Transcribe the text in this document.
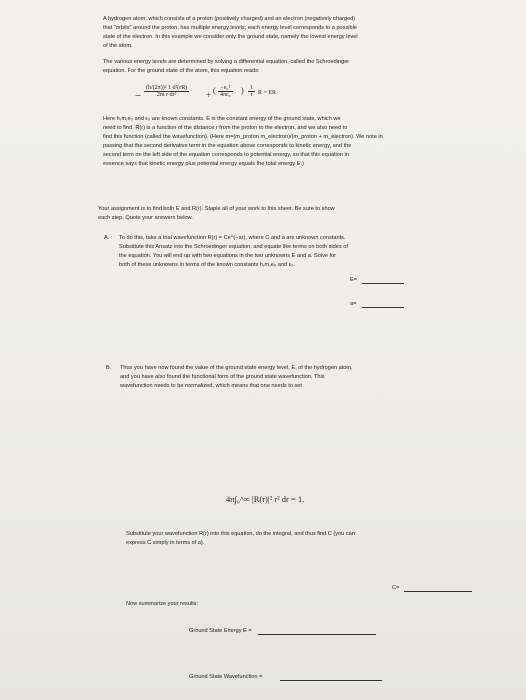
A hydrogen atom, which consists of a proton (positively charged) and an electron (negatively charged)
that "orbits" around the proton, has multiple energy levels; each energy level corresponds to a possible
state of the electron. In this example we consider only the ground state, namely the lowest energy level
of the atom.
The various energy levels are determined by solving a differential equation, called the Schroedinger
equation. For the ground state of the atom, this equation reads:
− $\frac{\text{(h/(2π))² 1 d²(rR)}}{\text{2m r dr²}}$ + ( $\frac{\text{−e₀²}}{\text{4πε₀}}$ ) $\frac{1}{r}$ R = ER
Here h,m,e₀ and ε₀ are known constants. E is the constant energy of the ground state, which we
need to find. R(r) is a function of the distance r from the proton to the electron, and we also need to
find this function (called the wavefunction). (Here m=(m_proton m_electron)/(m_proton + m_electron). We note in
passing that the second derivative term in the equation above corresponds to kinetic energy, and the
second term on the left side of the equation corresponds to potential energy, so that this equation in
essence says that kinetic energy plus potential energy equals the total energy E.)
Your assignment is to find both E and R(r). Staple all of your work to this sheet. Be sure to show
each step. Quote your answers below.
A. To do this, take a trial wavefunction R(r) = Ce^(−ar), where C and a are unknown constants.
Substitute this Ansatz into the Schroedinger equation, and equate like terms on both sides of
the equation. You will end up with two equations in the two unknowns E and a. Solve for
both of these unknowns in terms of the known constants h,m,e₀ and ε₀.
E=
a=
B. Thus you have now found the value of the ground state energy level, E, of the hydrogen atom,
and you have also found the functional form of the ground state wavefunction. This
wavefunction needs to be normalized, which means that one needs to set
4π∫₀^∞ |R(r)|² r² dr = 1.
Substitute your wavefunction R(r) into this equation, do the integral, and thus find C (you can
express C simply in terms of a).
C=
Now summarize your results:
Ground State Energy E =
Ground State Wavefunction =
